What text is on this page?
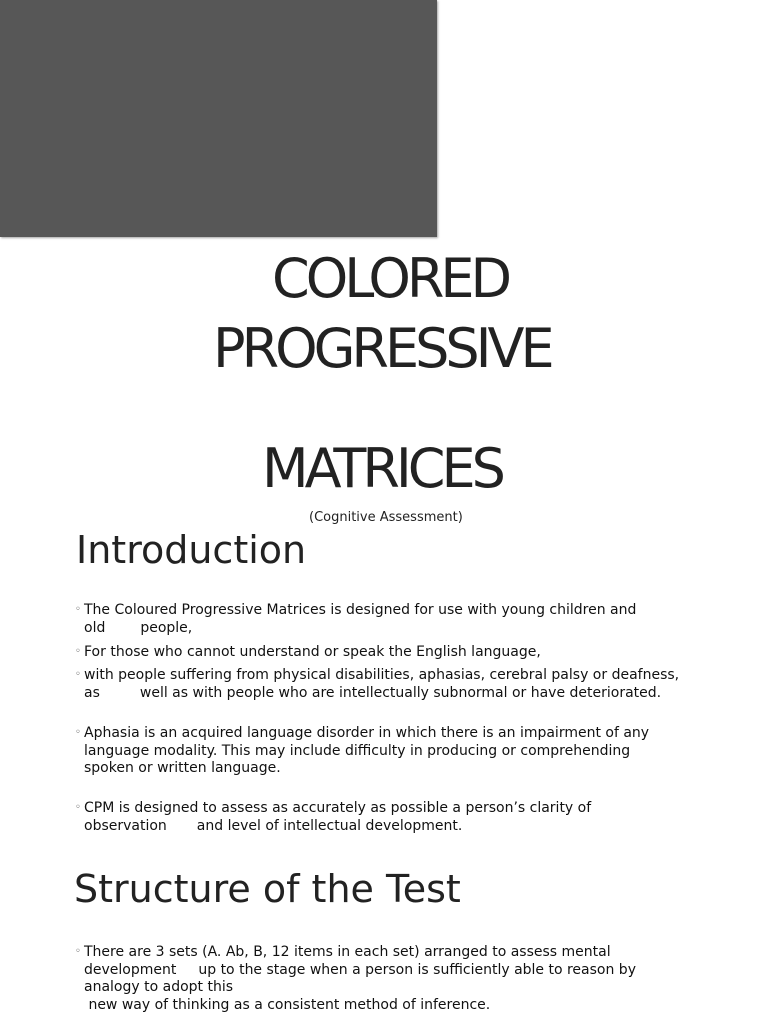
COLORED
PROGRESSIVE
MATRICES
(Cognitive Assessment)
Introduction
◦ The Coloured Progressive Matrices is designed for use with young children and
old	people,
◦ For those who cannot understand or speak the English language,
◦ with people suffering from physical disabilities, aphasias, cerebral palsy or deafness,
as	well as with people who are intellectually subnormal or have deteriorated.
◦ Aphasia is an acquired language disorder in which there is an impairment of any
language modality. This may include difficulty in producing or comprehending
spoken or written language.
◦ CPM is designed to assess as accurately as possible a person’s clarity of
observation and level of intellectual development.
Structure of the Test
◦ There are 3 sets (A. Ab, B, 12 items in each set) arranged to assess mental
development up to the stage when a person is sufficiently able to reason by
analogy to adopt this
new way of thinking as a consistent method of inference.
